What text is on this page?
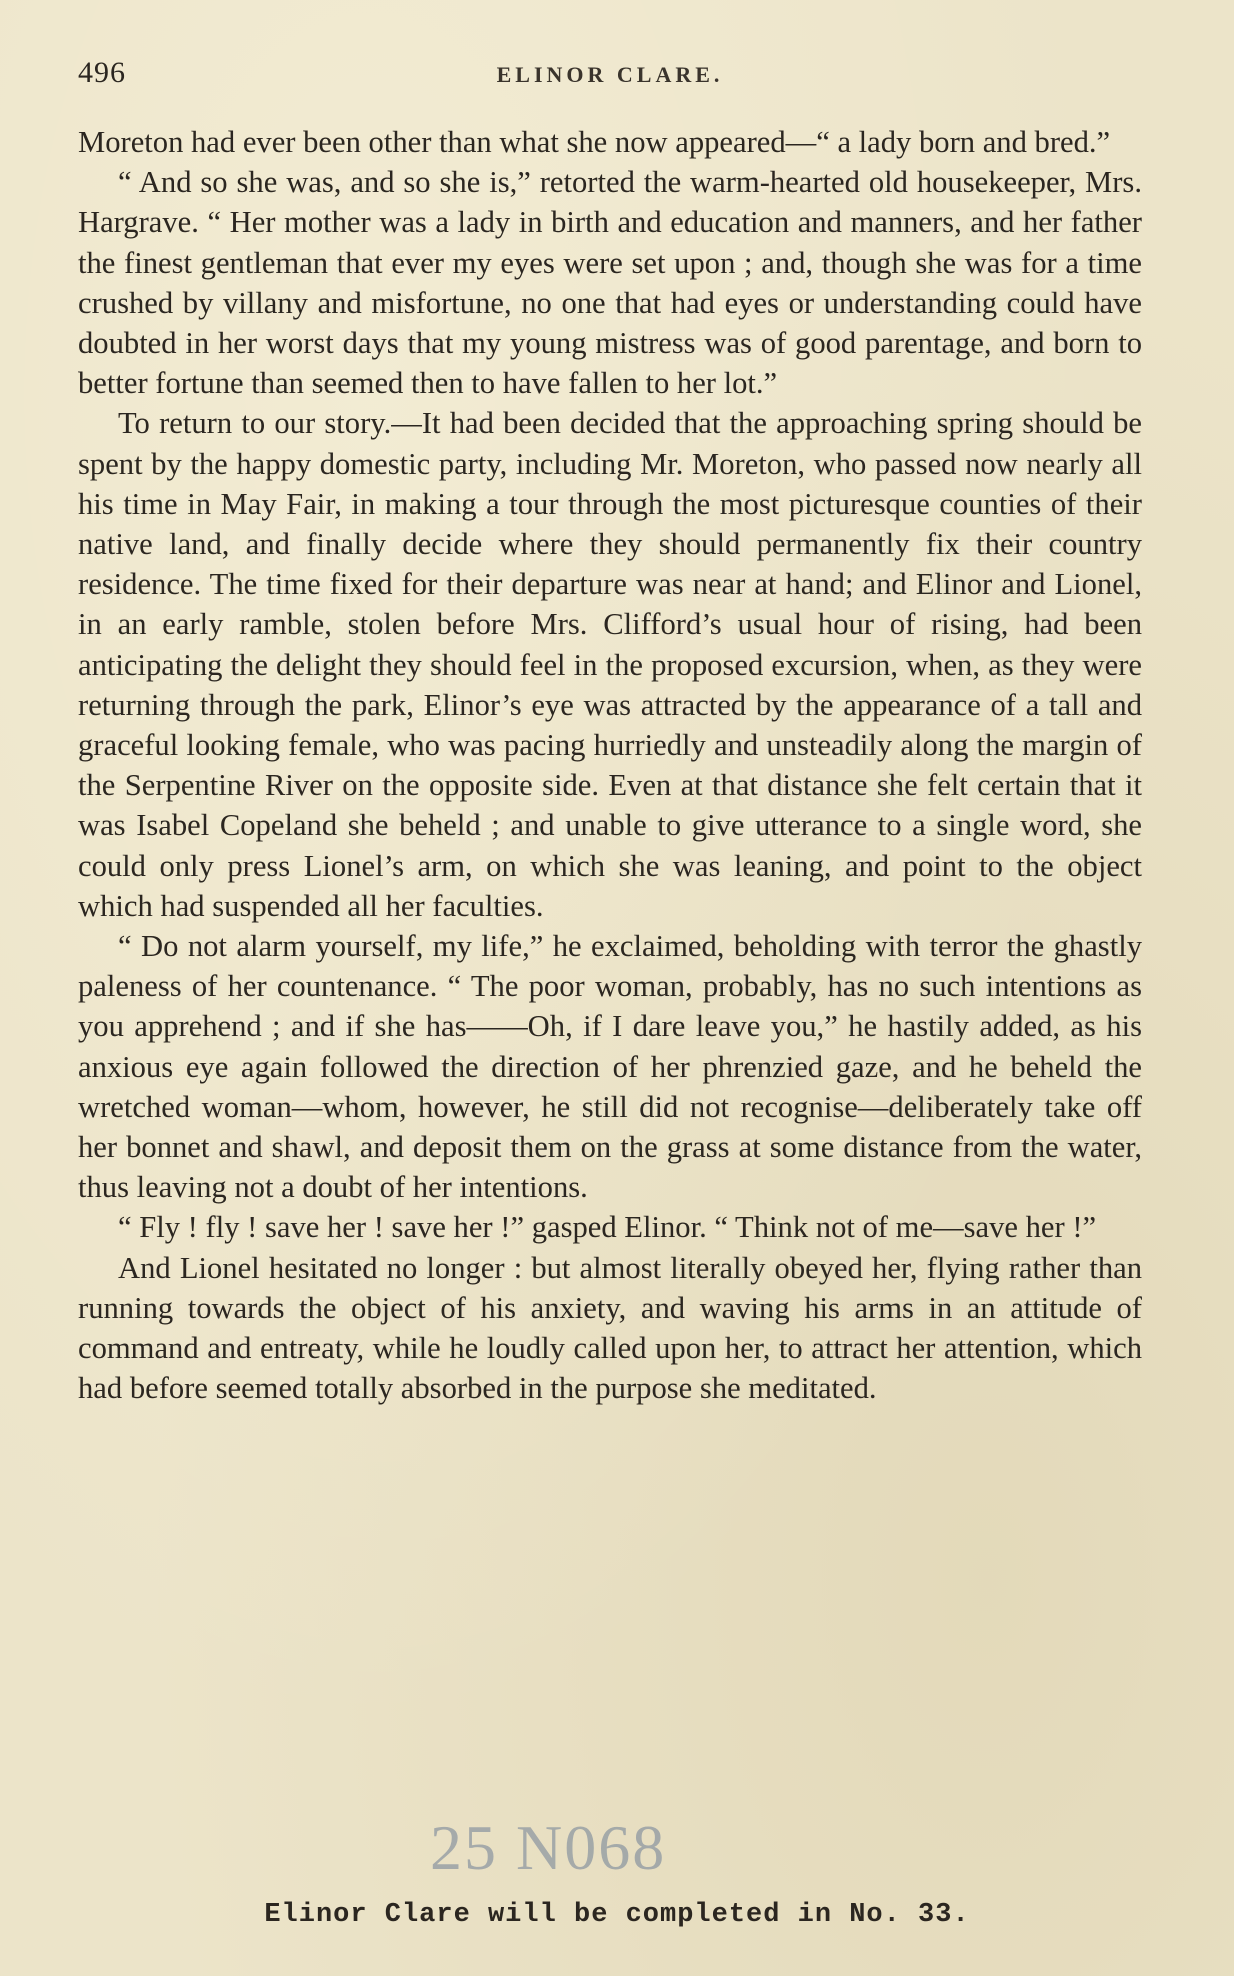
496	ELINOR CLARE.

Moreton had ever been other than what she now appeared—“ a lady born and bred.”

“ And so she was, and so she is,” retorted the warm-hearted old housekeeper, Mrs. Hargrave. “ Her mother was a lady in birth and education and manners, and her father the finest gentleman that ever my eyes were set upon ; and, though she was for a time crushed by villany and misfortune, no one that had eyes or understanding could have doubted in her worst days that my young mistress was of good parentage, and born to better fortune than seemed then to have fallen to her lot.”

To return to our story.—It had been decided that the approaching spring should be spent by the happy domestic party, including Mr. Moreton, who passed now nearly all his time in May Fair, in making a tour through the most picturesque counties of their native land, and finally decide where they should permanently fix their country residence. The time fixed for their departure was near at hand; and Elinor and Lionel, in an early ramble, stolen before Mrs. Clifford’s usual hour of rising, had been anticipating the delight they should feel in the proposed excursion, when, as they were returning through the park, Elinor’s eye was attracted by the appearance of a tall and graceful looking female, who was pacing hurriedly and unsteadily along the margin of the Serpentine River on the opposite side. Even at that distance she felt certain that it was Isabel Copeland she beheld ; and unable to give utterance to a single word, she could only press Lionel’s arm, on which she was leaning, and point to the object which had suspended all her faculties.

“ Do not alarm yourself, my life,” he exclaimed, beholding with terror the ghastly paleness of her countenance. “ The poor woman, probably, has no such intentions as you apprehend ; and if she has——Oh, if I dare leave you,” he hastily added, as his anxious eye again followed the direction of her phrenzied gaze, and he beheld the wretched woman—whom, however, he still did not recognise—deliberately take off her bonnet and shawl, and deposit them on the grass at some distance from the water, thus leaving not a doubt of her intentions.

“ Fly ! fly ! save her ! save her !” gasped Elinor. “ Think not of me—save her !”

And Lionel hesitated no longer : but almost literally obeyed her, flying rather than running towards the object of his anxiety, and waving his arms in an attitude of command and entreaty, while he loudly called upon her, to attract her attention, which had before seemed totally absorbed in the purpose she meditated.

25 N068
Elinor Clare will be completed in No. 33.
